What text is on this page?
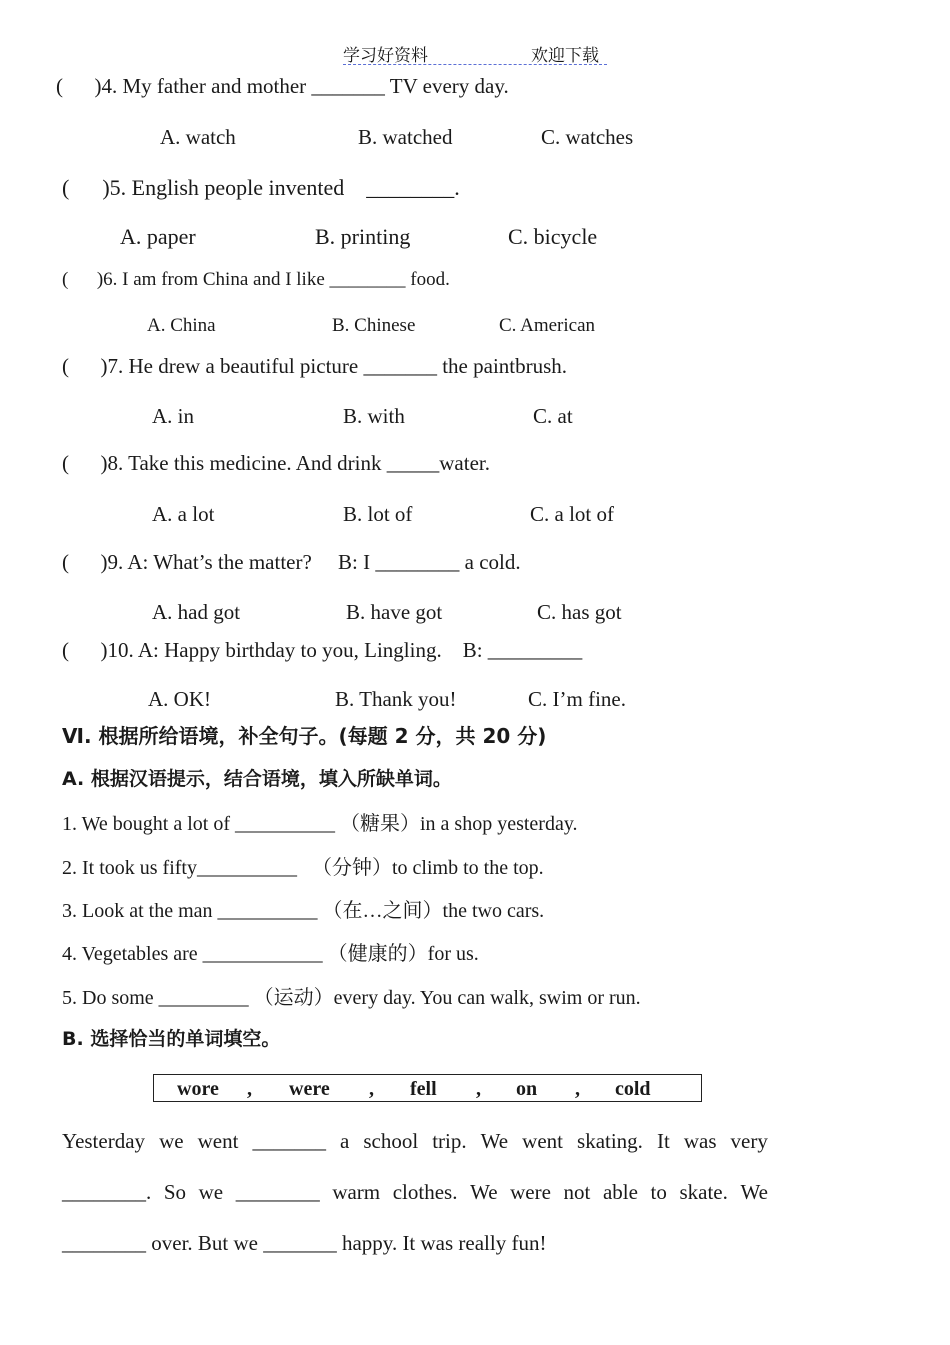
学习好资料	欢迎下载
(      )4. My father and mother _______ TV every day.
A. watch	B. watched	C. watches
(      )5. English people invented    ________.
A. paper	B. printing	C. bicycle
(      )6. I am from China and I like ________ food.
A. China	B. Chinese	C. American
(      )7. He drew a beautiful picture _______ the paintbrush.
A. in	B. with	C. at
(      )8. Take this medicine. And drink _____water.
A. a lot	B. lot of	C. a lot of
(      )9. A: What’s the matter?     B: I ________ a cold.
A. had got	B. have got	C. has got
(      )10. A: Happy birthday to you, Lingling.    B: _________
A. OK!	B. Thank you!	C. I’m fine.
Ⅵ. 根据所给语境，补全句子。(每题 2 分，共 20 分)
A. 根据汉语提示，结合语境，填入所缺单词。
1. We bought a lot of __________ （糖果）in a shop yesterday.
2. It took us fifty__________   （分钟）to climb to the top.
3. Look at the man __________ （在…之间）the two cars.
4. Vegetables are ____________ （健康的）for us.
5. Do some _________ （运动）every day. You can walk, swim or run.
B. 选择恰当的单词填空。
wore , were , fell , on , cold
Yesterday we went _______ a school trip. We went skating. It was very
________. So we ________ warm clothes. We were not able to skate. We
________ over. But we _______ happy. It was really fun!
